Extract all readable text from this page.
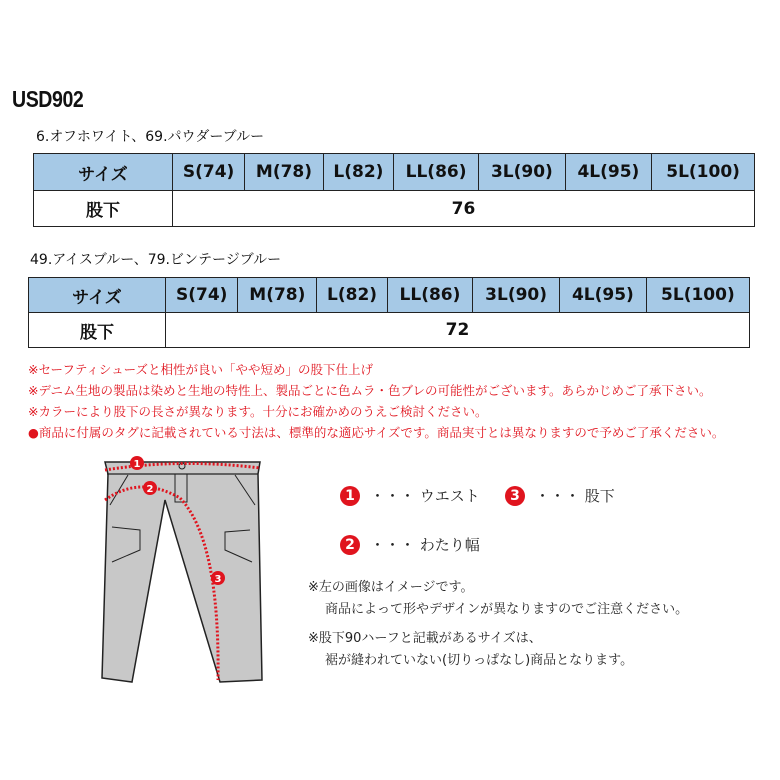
USD902
6.オフホワイト、69.パウダーブルー
サイズ	S(74)	M(78)	L(82)	LL(86)	3L(90)	4L(95)	5L(100)
股下	76						
49.アイスブルー、79.ビンテージブルー
サイズ	S(74)	M(78)	L(82)	LL(86)	3L(90)	4L(95)	5L(100)
股下	72						
※セーフティシューズと相性が良い「やや短め」の股下仕上げ
※デニム生地の製品は染めと生地の特性上、製品ごとに色ムラ・色ブレの可能性がございます。あらかじめご了承下さい。
※カラーにより股下の長さが異なります。十分にお確かめのうえご検討ください。
●商品に付属のタグに記載されている寸法は、標準的な適応サイズです。商品実寸とは異なりますので予めご了承ください。
1
2
3
1	・・・ ウエスト	3	・・・ 股下
2	・・・ わたり幅
※左の画像はイメージです。
商品によって形やデザインが異なりますのでご注意ください。
※股下90ハーフと記載があるサイズは、
裾が縫われていない(切りっぱなし)商品となります。
